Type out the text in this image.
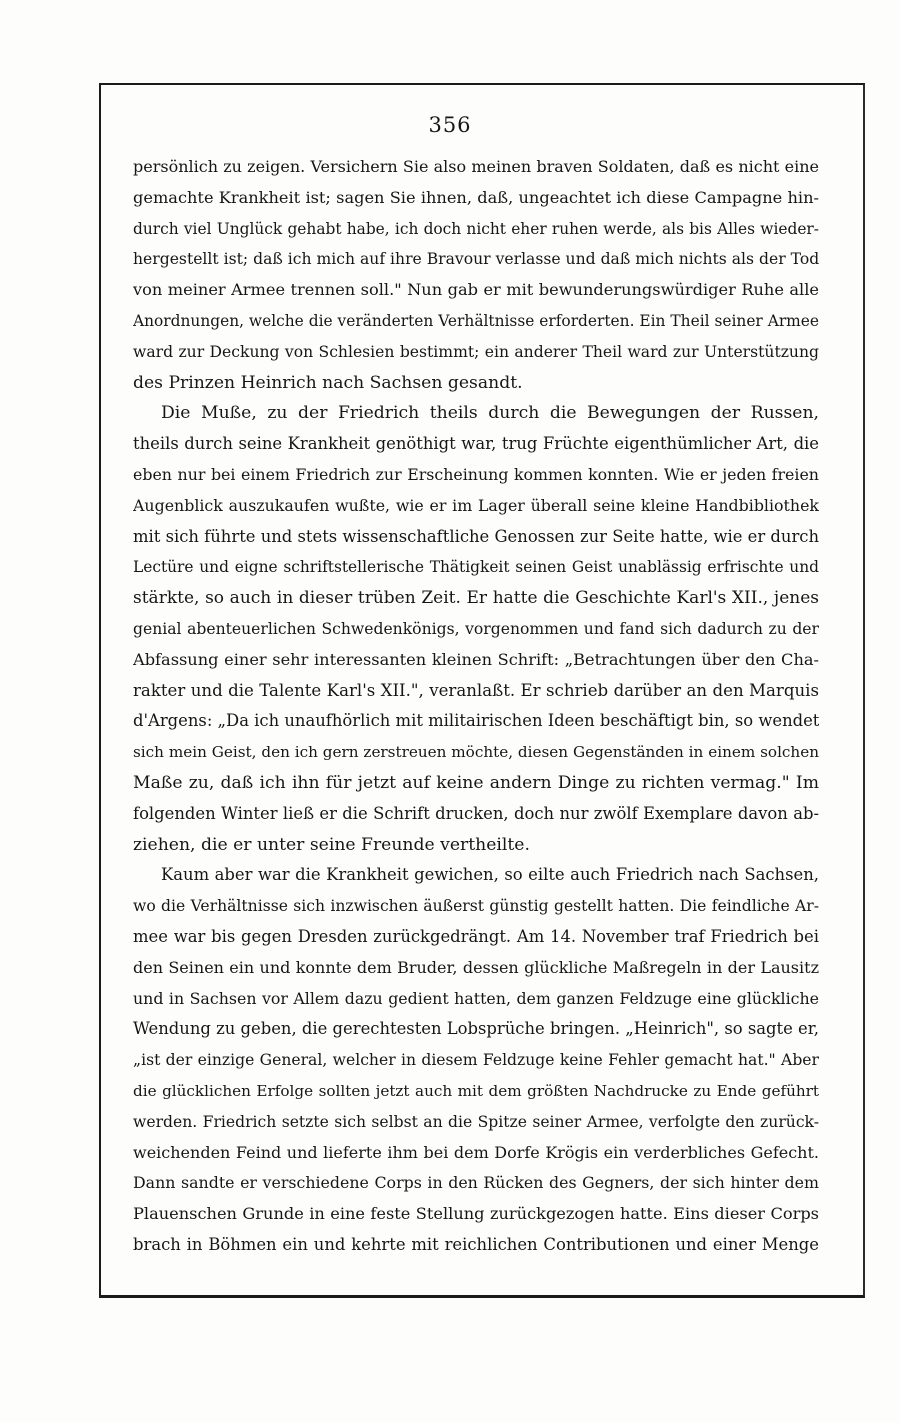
356

persönlich zu zeigen. Versichern Sie also meinen braven Soldaten, daß es nicht eine
gemachte Krankheit ist; sagen Sie ihnen, daß, ungeachtet ich diese Campagne hin-
durch viel Unglück gehabt habe, ich doch nicht eher ruhen werde, als bis Alles wieder-
hergestellt ist; daß ich mich auf ihre Bravour verlasse und daß mich nichts als der Tod
von meiner Armee trennen soll." Nun gab er mit bewunderungswürdiger Ruhe alle
Anordnungen, welche die veränderten Verhältnisse erforderten. Ein Theil seiner Armee
ward zur Deckung von Schlesien bestimmt; ein anderer Theil ward zur Unterstützung
des Prinzen Heinrich nach Sachsen gesandt.

Die Muße, zu der Friedrich theils durch die Bewegungen der Russen,
theils durch seine Krankheit genöthigt war, trug Früchte eigenthümlicher Art, die
eben nur bei einem Friedrich zur Erscheinung kommen konnten. Wie er jeden freien
Augenblick auszukaufen wußte, wie er im Lager überall seine kleine Handbibliothek
mit sich führte und stets wissenschaftliche Genossen zur Seite hatte, wie er durch
Lectüre und eigne schriftstellerische Thätigkeit seinen Geist unablässig erfrischte und
stärkte, so auch in dieser trüben Zeit. Er hatte die Geschichte Karl's XII., jenes
genial abenteuerlichen Schwedenkönigs, vorgenommen und fand sich dadurch zu der
Abfassung einer sehr interessanten kleinen Schrift: „Betrachtungen über den Cha-
rakter und die Talente Karl's XII.", veranlaßt. Er schrieb darüber an den Marquis
d'Argens: „Da ich unaufhörlich mit militairischen Ideen beschäftigt bin, so wendet
sich mein Geist, den ich gern zerstreuen möchte, diesen Gegenständen in einem solchen
Maße zu, daß ich ihn für jetzt auf keine andern Dinge zu richten vermag." Im
folgenden Winter ließ er die Schrift drucken, doch nur zwölf Exemplare davon ab-
ziehen, die er unter seine Freunde vertheilte.

Kaum aber war die Krankheit gewichen, so eilte auch Friedrich nach Sachsen,
wo die Verhältnisse sich inzwischen äußerst günstig gestellt hatten. Die feindliche Ar-
mee war bis gegen Dresden zurückgedrängt. Am 14. November traf Friedrich bei
den Seinen ein und konnte dem Bruder, dessen glückliche Maßregeln in der Lausitz
und in Sachsen vor Allem dazu gedient hatten, dem ganzen Feldzuge eine glückliche
Wendung zu geben, die gerechtesten Lobsprüche bringen. „Heinrich", so sagte er,
„ist der einzige General, welcher in diesem Feldzuge keine Fehler gemacht hat." Aber
die glücklichen Erfolge sollten jetzt auch mit dem größten Nachdrucke zu Ende geführt
werden. Friedrich setzte sich selbst an die Spitze seiner Armee, verfolgte den zurück-
weichenden Feind und lieferte ihm bei dem Dorfe Krögis ein verderbliches Gefecht.
Dann sandte er verschiedene Corps in den Rücken des Gegners, der sich hinter dem
Plauenschen Grunde in eine feste Stellung zurückgezogen hatte. Eins dieser Corps
brach in Böhmen ein und kehrte mit reichlichen Contributionen und einer Menge
